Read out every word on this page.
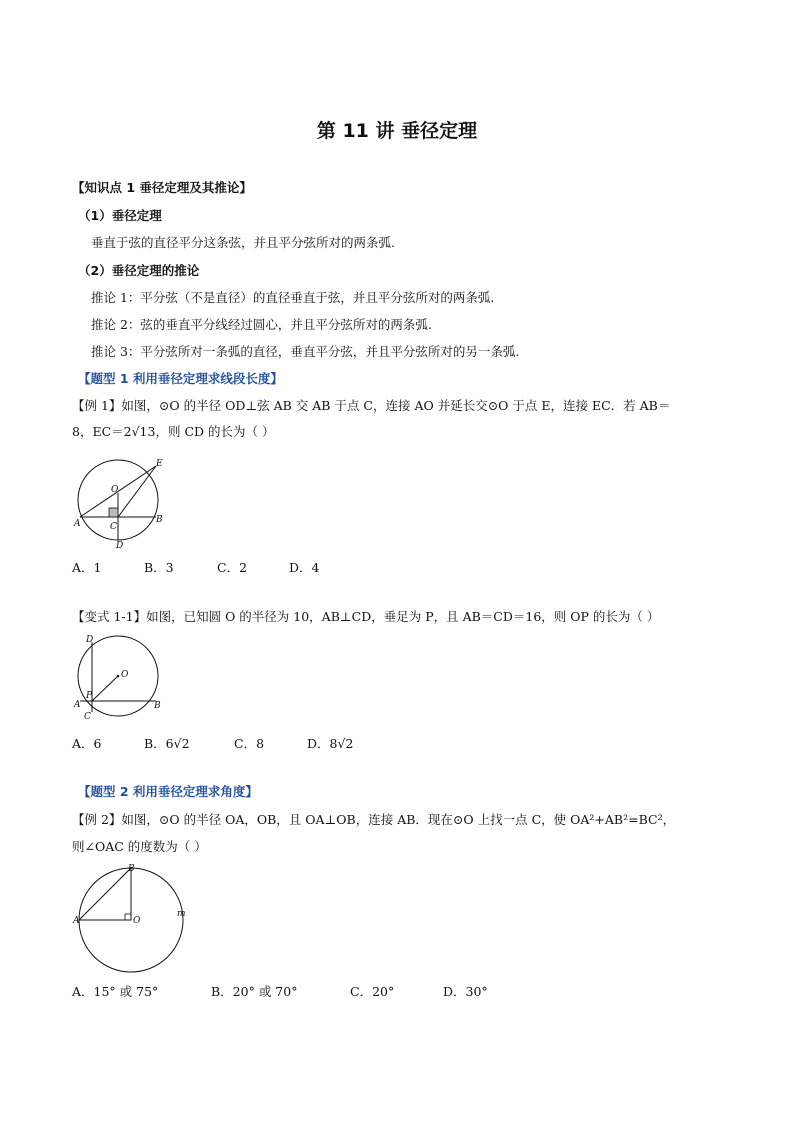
第 11 讲 垂径定理
【知识点 1 垂径定理及其推论】
（1）垂径定理
垂直于弦的直径平分这条弦，并且平分弦所对的两条弧.
（2）垂径定理的推论
推论 1：平分弦（不是直径）的直径垂直于弦，并且平分弦所对的两条弧.
推论 2：弦的垂直平分线经过圆心，并且平分弦所对的两条弧.
推论 3：平分弦所对一条弧的直径，垂直平分弦，并且平分弦所对的另一条弧.
【题型 1 利用垂径定理求线段长度】
【例 1】如图，⊙O 的半径 OD⊥弦 AB 交 AB 于点 C，连接 AO 并延长交⊙O 于点 E，连接 EC．若 AB＝
8，EC＝2√13，则 CD 的长为（ ）
E
O
A	C
B
D
A．1	B．3	C．2	D．4
【变式 1-1】如图，已知圆 O 的半径为 10，AB⊥CD，垂足为 P，且 AB＝CD＝16，则 OP 的长为（ ）
D
O
P
A
C
B
A．6	B．6√2	C．8	D．8√2
【题型 2 利用垂径定理求角度】
【例 2】如图，⊙O 的半径 OA，OB，且 OA⊥OB，连接 AB．现在⊙O 上找一点 C，使 OA²+AB²=BC²，
则∠OAC 的度数为（ ）
B
A	O
m
A．15° 或 75°	B．20° 或 70°	C．20°	D．30°
